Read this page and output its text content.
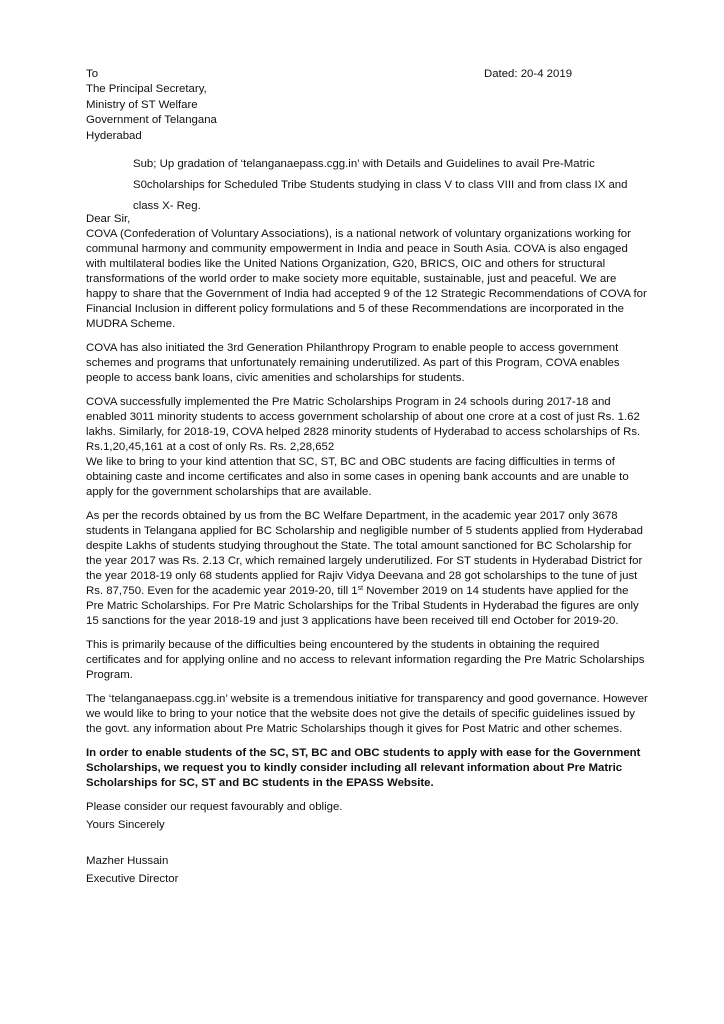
To	Dated: 20-4 2019
The Principal Secretary,
Ministry of ST Welfare
Government of Telangana
Hyderabad
Sub; Up gradation of ‘telanganaepass.cgg.in’ with Details and Guidelines to avail Pre-Matric S0cholarships for Scheduled Tribe Students studying in class V to class VIII and from class IX and class X- Reg.

Dear Sir,

COVA (Confederation of Voluntary Associations), is a national network of voluntary organizations working for communal harmony and community empowerment in India and peace in South Asia. COVA is also engaged with multilateral bodies like the United Nations Organization, G20, BRICS, OIC and others for structural transformations of the world order to make society more equitable, sustainable, just and peaceful. We are happy to share that the Government of India had accepted 9 of the 12 Strategic Recommendations of COVA for Financial Inclusion in different policy formulations and 5 of these Recommendations are incorporated in the MUDRA Scheme.

COVA has also initiated the 3rd Generation Philanthropy Program to enable people to access government schemes and programs that unfortunately remaining underutilized. As part of this Program, COVA enables people to access bank loans, civic amenities and scholarships for students.

COVA successfully implemented the Pre Matric Scholarships Program in 24 schools during 2017-18 and enabled 3011 minority students to access government scholarship of about one crore at a cost of just Rs. 1.62 lakhs. Similarly, for 2018-19, COVA helped 2828 minority students of Hyderabad to access scholarships of Rs. Rs.1,20,45,161 at a cost of only Rs. Rs. 2,28,652

We like to bring to your kind attention that SC, ST, BC and OBC students are facing difficulties in terms of obtaining caste and income certificates and also in some cases in opening bank accounts and are unable to apply for the government scholarships that are available.

As per the records obtained by us from the BC Welfare Department, in the academic year 2017 only 3678 students in Telangana applied for BC Scholarship and negligible number of 5 students applied from Hyderabad despite Lakhs of students studying throughout the State. The total amount sanctioned for BC Scholarship for the year 2017 was Rs. 2.13 Cr, which remained largely underutilized. For ST students in Hyderabad District for the year 2018-19 only 68 students applied for Rajiv Vidya Deevana and 28 got scholarships to the tune of just Rs. 87,750. Even for the academic year 2019-20, till 1st November 2019 on 14 students have applied for the Pre Matric Scholarships. For Pre Matric Scholarships for the Tribal Students in Hyderabad the figures are only 15 sanctions for the year 2018-19 and just 3 applications have been received till end October for 2019-20.

This is primarily because of the difficulties being encountered by the students in obtaining the required certificates and for applying online and no access to relevant information regarding the Pre Matric Scholarships Program.

The ‘telanganaepass.cgg.in’ website is a tremendous initiative for transparency and good governance. However we would like to bring to your notice that the website does not give the details of specific guidelines issued by the govt. any information about Pre Matric Scholarships though it gives for Post Matric and other schemes.

In order to enable students of the SC, ST, BC and OBC students to apply with ease for the Government Scholarships, we request you to kindly consider including all relevant information about Pre Matric Scholarships for SC, ST and BC students in the EPASS Website.

Please consider our request favourably and oblige.
Yours Sincerely
Mazher Hussain
Executive Director
